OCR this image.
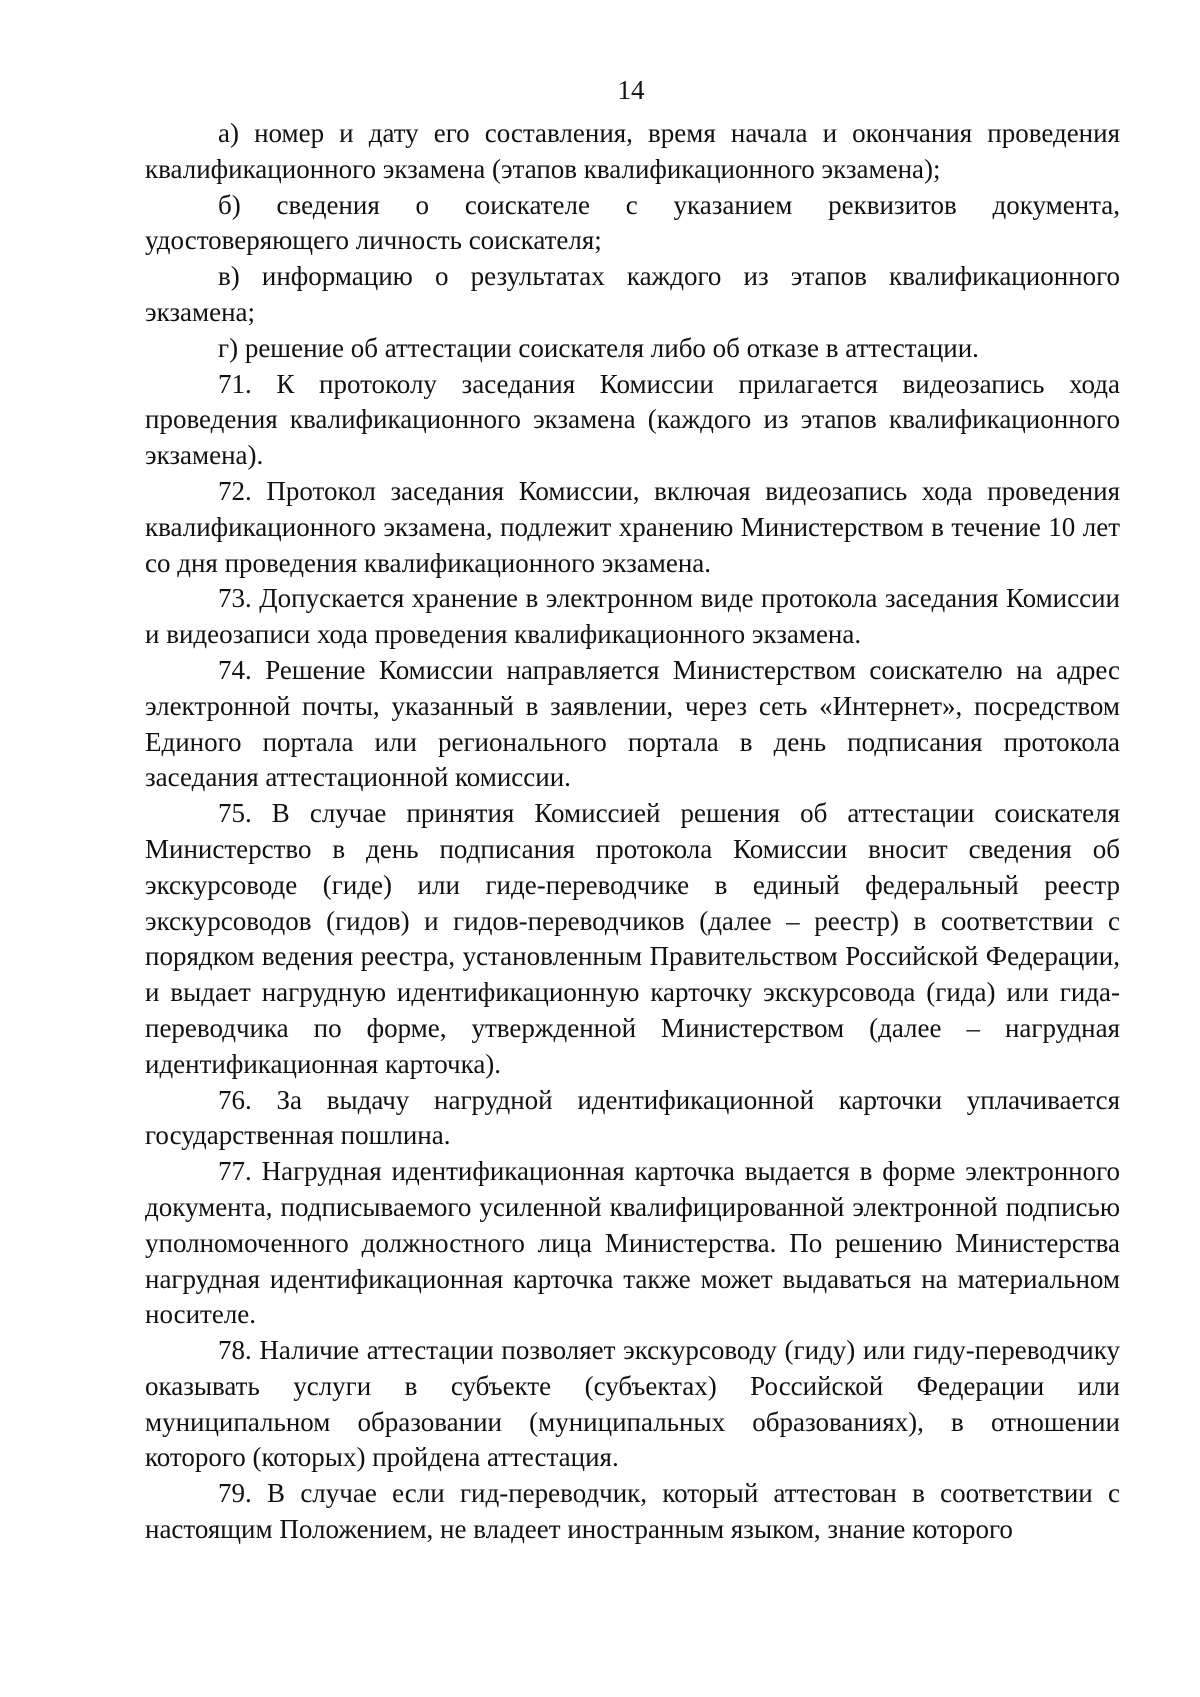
14

а) номер и дату его составления, время начала и окончания проведения квалификационного экзамена (этапов квалификационного экзамена);

б) сведения о соискателе с указанием реквизитов документа, удостоверяющего личность соискателя;

в) информацию о результатах каждого из этапов квалификационного экзамена;

г) решение об аттестации соискателя либо об отказе в аттестации.

71. К протоколу заседания Комиссии прилагается видеозапись хода проведения квалификационного экзамена (каждого из этапов квалификационного экзамена).

72. Протокол заседания Комиссии, включая видеозапись хода проведения квалификационного экзамена, подлежит хранению Министерством в течение 10 лет со дня проведения квалификационного экзамена.

73. Допускается хранение в электронном виде протокола заседания Комиссии и видеозаписи хода проведения квалификационного экзамена.

74. Решение Комиссии направляется Министерством соискателю на адрес электронной почты, указанный в заявлении, через сеть «Интернет», посредством Единого портала или регионального портала в день подписания протокола заседания аттестационной комиссии.

75. В случае принятия Комиссией решения об аттестации соискателя Министерство в день подписания протокола Комиссии вносит сведения об экскурсоводе (гиде) или гиде-переводчике в единый федеральный реестр экскурсоводов (гидов) и гидов-переводчиков (далее – реестр) в соответствии с порядком ведения реестра, установленным Правительством Российской Федерации, и выдает нагрудную идентификационную карточку экскурсовода (гида) или гида-переводчика по форме, утвержденной Министерством (далее – нагрудная идентификационная карточка).

76. За выдачу нагрудной идентификационной карточки уплачивается государственная пошлина.

77. Нагрудная идентификационная карточка выдается в форме электронного документа, подписываемого усиленной квалифицированной электронной подписью уполномоченного должностного лица Министерства. По решению Министерства нагрудная идентификационная карточка также может выдаваться на материальном носителе.

78. Наличие аттестации позволяет экскурсоводу (гиду) или гиду-переводчику оказывать услуги в субъекте (субъектах) Российской Федерации или муниципальном образовании (муниципальных образованиях), в отношении которого (которых) пройдена аттестация.

79. В случае если гид-переводчик, который аттестован в соответствии с настоящим Положением, не владеет иностранным языком, знание которого
